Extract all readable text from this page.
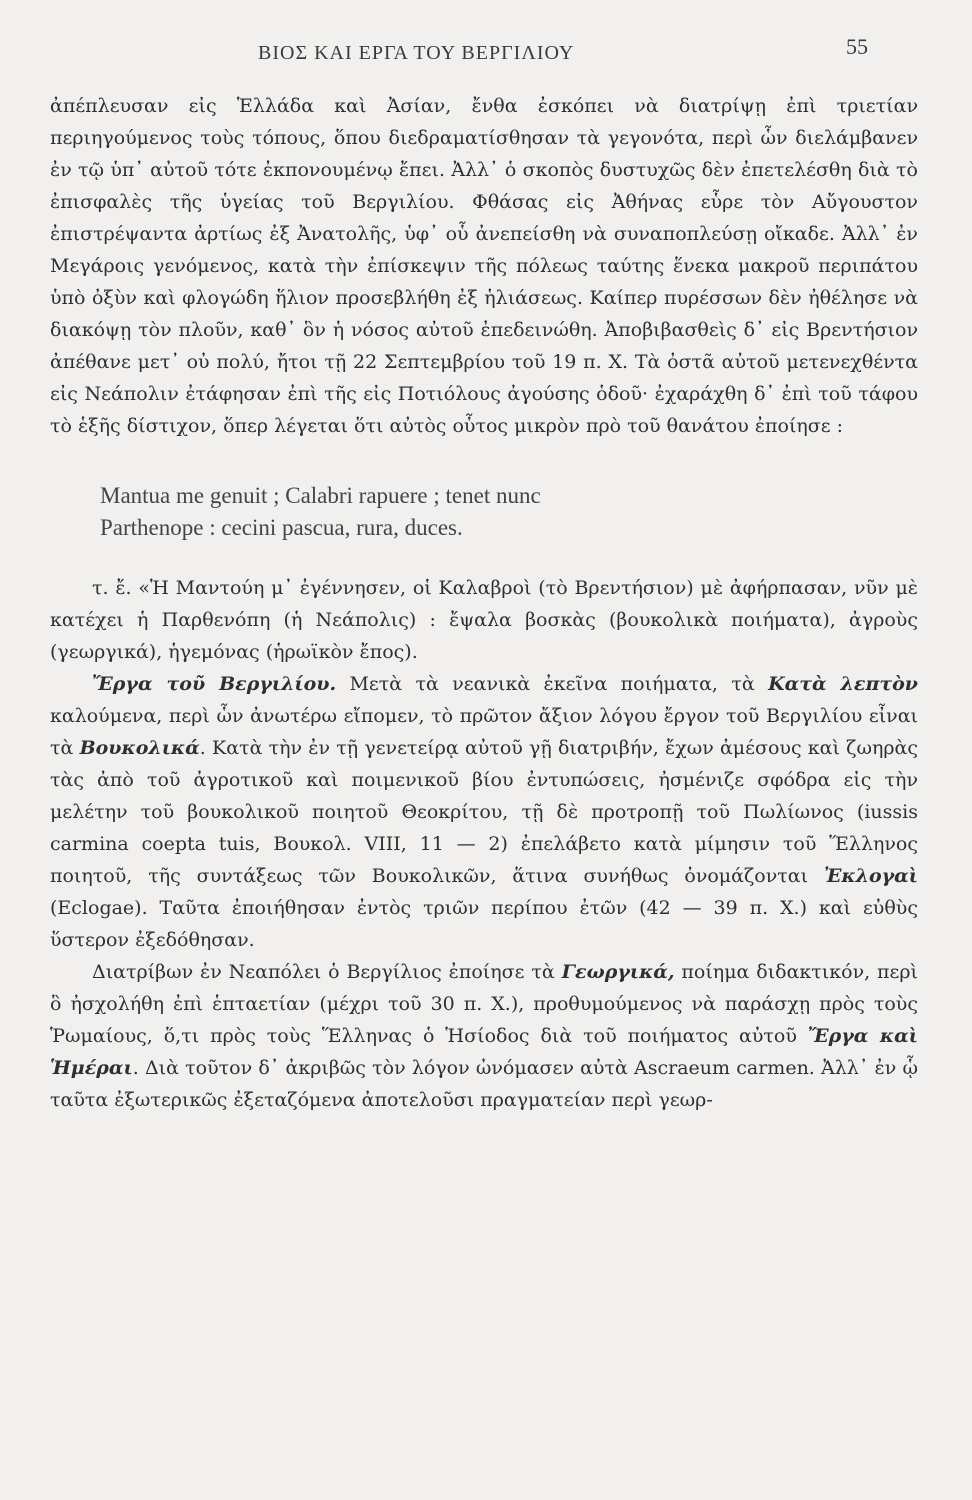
ΒΙΟΣ ΚΑΙ ΕΡΓΑ ΤΟΥ ΒΕΡΓΙΛΙΟΥ	55

ἀπέπλευσαν εἰς Ἑλλάδα καὶ Ἀσίαν, ἔνθα ἐσκόπει νὰ διατρίψῃ ἐπὶ τριετίαν περιηγούμενος τοὺς τόπους, ὅπου διεδραματίσθησαν τὰ γεγονότα, περὶ ὧν διελάμβανεν ἐν τῷ ὑπ᾽ αὐτοῦ τότε ἐκπονουμένῳ ἔπει. Ἀλλ᾽ ὁ σκοπὸς δυστυχῶς δὲν ἐπετελέσθη διὰ τὸ ἐπισφαλὲς τῆς ὑγείας τοῦ Βεργιλίου. Φθάσας εἰς Ἀθήνας εὗρε τὸν Αὔγουστον ἐπιστρέψαντα ἀρτίως ἐξ Ἀνατολῆς, ὑφ᾽ οὗ ἀνεπείσθη νὰ συναποπλεύσῃ οἴκαδε. Ἀλλ᾽ ἐν Μεγάροις γενόμενος, κατὰ τὴν ἐπίσκεψιν τῆς πόλεως ταύτης ἕνεκα μακροῦ περιπάτου ὑπὸ ὀξὺν καὶ φλογώδη ἥλιον προσεβλήθη ἐξ ἡλιάσεως. Καίπερ πυρέσσων δὲν ἠθέλησε νὰ διακόψῃ τὸν πλοῦν, καθ᾽ ὃν ἡ νόσος αὐτοῦ ἐπεδεινώθη. Ἀποβιβασθεὶς δ᾽ εἰς Βρεντήσιον ἀπέθανε μετ᾽ οὐ πολύ, ἤτοι τῇ 22 Σεπτεμβρίου τοῦ 19 π. Χ. Τὰ ὀστᾶ αὐτοῦ μετενεχθέντα εἰς Νεάπολιν ἐτάφησαν ἐπὶ τῆς εἰς Ποτιόλους ἀγούσης ὁδοῦ· ἐχαράχθη δ᾽ ἐπὶ τοῦ τάφου τὸ ἑξῆς δίστιχον, ὅπερ λέγεται ὅτι αὐτὸς οὗτος μικρὸν πρὸ τοῦ θανάτου ἐποίησε :

Mantua me genuit ; Calabri rapuere ; tenet nunc
Parthenope : cecini pascua, rura, duces.

τ. ἔ. «Ἡ Μαντούη μ᾽ ἐγέννησεν, οἱ Καλαβροὶ (τὸ Βρεντήσιον) μὲ ἀφήρπασαν, νῦν μὲ κατέχει ἡ Παρθενόπη (ἡ Νεάπολις) : ἔψαλα βοσκὰς (βουκολικὰ ποιήματα), ἀγροὺς (γεωργικά), ἡγεμόνας (ἡρωϊκὸν ἔπος).

Ἔργα τοῦ Βεργιλίου. Μετὰ τὰ νεανικὰ ἐκεῖνα ποιήματα, τὰ Κατὰ λεπτὸν καλούμενα, περὶ ὧν ἀνωτέρω εἴπομεν, τὸ πρῶτον ἄξιον λόγου ἔργον τοῦ Βεργιλίου εἶναι τὰ Βουκολικά. Κατὰ τὴν ἐν τῇ γενετείρᾳ αὐτοῦ γῇ διατριβήν, ἔχων ἀμέσους καὶ ζωηρὰς τὰς ἀπὸ τοῦ ἀγροτικοῦ καὶ ποιμενικοῦ βίου ἐντυπώσεις, ἠσμένιζε σφόδρα εἰς τὴν μελέτην τοῦ βουκολικοῦ ποιητοῦ Θεοκρίτου, τῇ δὲ προτροπῇ τοῦ Πωλίωνος (iussis carmina coepta tuis, Βουκολ. VIII, 11 — 2) ἐπελάβετο κατὰ μίμησιν τοῦ Ἕλληνος ποιητοῦ, τῆς συντάξεως τῶν Βουκολικῶν, ἅτινα συνήθως ὀνομάζονται Ἐκλογαὶ (Eclogae). Ταῦτα ἐποιήθησαν ἐντὸς τριῶν περίπου ἐτῶν (42 — 39 π. Χ.) καὶ εὐθὺς ὕστερον ἐξεδόθησαν.

Διατρίβων ἐν Νεαπόλει ὁ Βεργίλιος ἐποίησε τὰ Γεωργικά, ποίημα διδακτικόν, περὶ ὃ ἠσχολήθη ἐπὶ ἑπταετίαν (μέχρι τοῦ 30 π. Χ.), προθυμούμενος νὰ παράσχῃ πρὸς τοὺς Ῥωμαίους, ὅ,τι πρὸς τοὺς Ἕλληνας ὁ Ἡσίοδος διὰ τοῦ ποιήματος αὐτοῦ Ἔργα καὶ Ἡμέραι. Διὰ τοῦτον δ᾽ ἀκριβῶς τὸν λόγον ὠνόμασεν αὐτὰ Ascraeum carmen. Ἀλλ᾽ ἐν ᾧ ταῦτα ἐξωτερικῶς ἐξεταζόμενα ἀποτελοῦσι πραγματείαν περὶ γεωρ-
